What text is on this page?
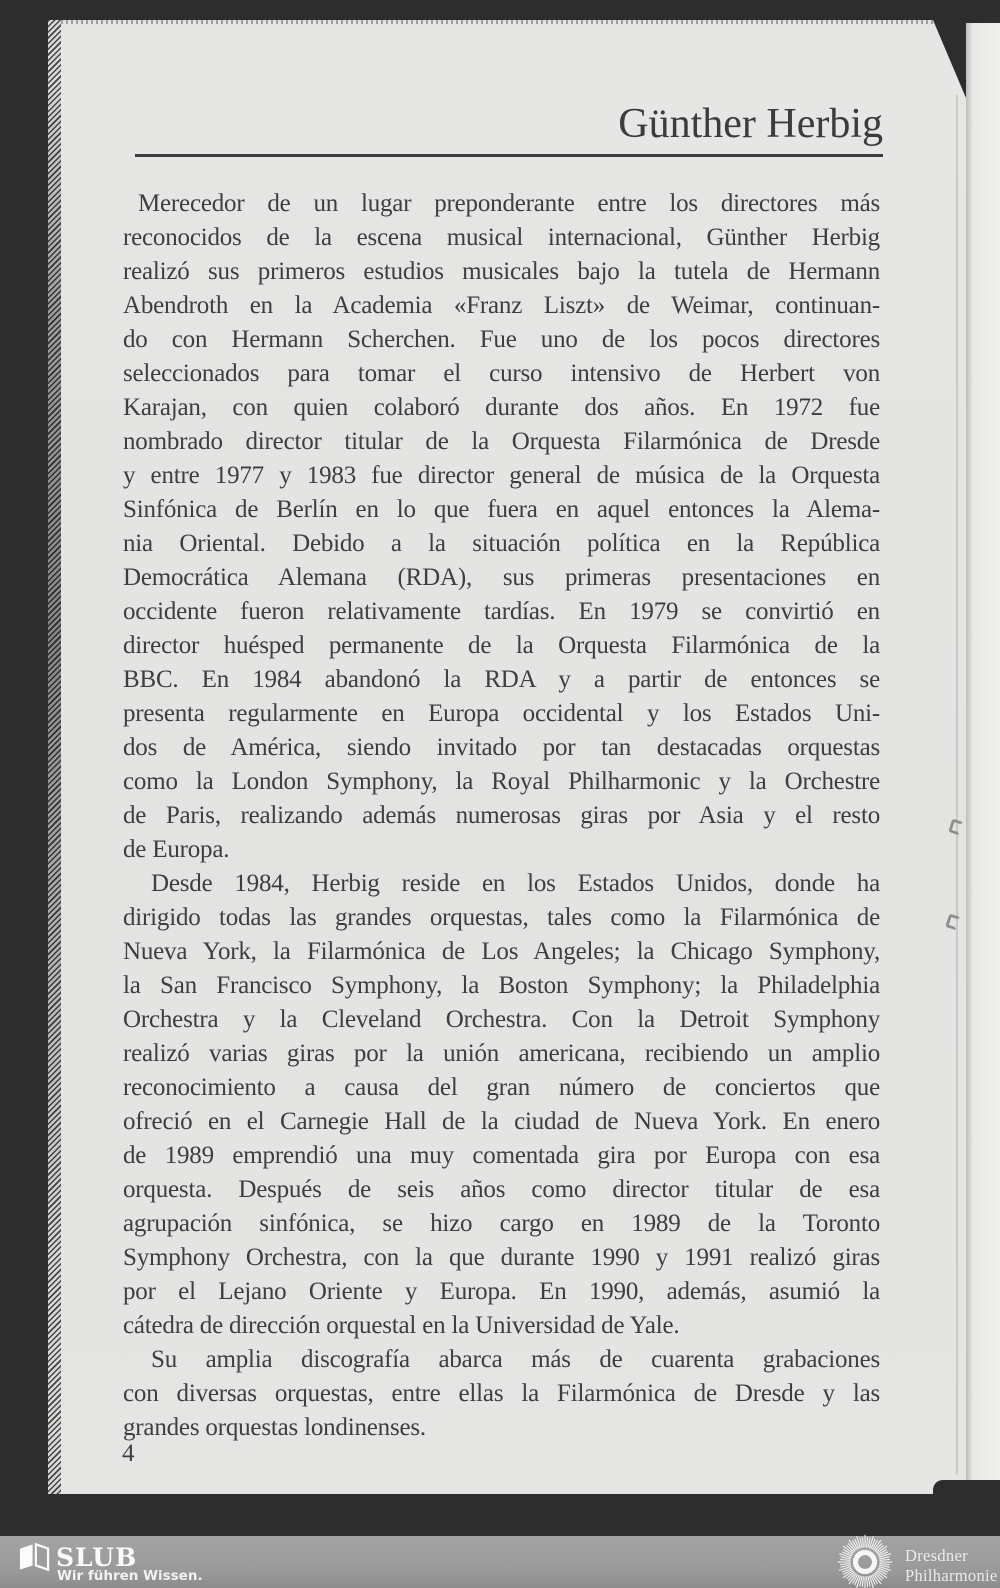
Günther Herbig
Merecedor de un lugar preponderante entre los directores más
reconocidos de la escena musical internacional, Günther Herbig
realizó sus primeros estudios musicales bajo la tutela de Hermann
Abendroth en la Academia «Franz Liszt» de Weimar, continuan-
do con Hermann Scherchen. Fue uno de los pocos directores
seleccionados para tomar el curso intensivo de Herbert von
Karajan, con quien colaboró durante dos años. En 1972 fue
nombrado director titular de la Orquesta Filarmónica de Dresde
y entre 1977 y 1983 fue director general de música de la Orquesta
Sinfónica de Berlín en lo que fuera en aquel entonces la Alema-
nia Oriental. Debido a la situación política en la República
Democrática Alemana (RDA), sus primeras presentaciones en
occidente fueron relativamente tardías. En 1979 se convirtió en
director huésped permanente de la Orquesta Filarmónica de la
BBC. En 1984 abandonó la RDA y a partir de entonces se
presenta regularmente en Europa occidental y los Estados Uni-
dos de América, siendo invitado por tan destacadas orquestas
como la London Symphony, la Royal Philharmonic y la Orchestre
de Paris, realizando además numerosas giras por Asia y el resto
de Europa.
Desde 1984, Herbig reside en los Estados Unidos, donde ha
dirigido todas las grandes orquestas, tales como la Filarmónica de
Nueva York, la Filarmónica de Los Angeles; la Chicago Symphony,
la San Francisco Symphony, la Boston Symphony; la Philadelphia
Orchestra y la Cleveland Orchestra. Con la Detroit Symphony
realizó varias giras por la unión americana, recibiendo un amplio
reconocimiento a causa del gran número de conciertos que
ofreció en el Carnegie Hall de la ciudad de Nueva York. En enero
de 1989 emprendió una muy comentada gira por Europa con esa
orquesta. Después de seis años como director titular de esa
agrupación sinfónica, se hizo cargo en 1989 de la Toronto
Symphony Orchestra, con la que durante 1990 y 1991 realizó giras
por el Lejano Oriente y Europa. En 1990, además, asumió la
cátedra de dirección orquestal en la Universidad de Yale.
Su amplia discografía abarca más de cuarenta grabaciones
con diversas orquestas, entre ellas la Filarmónica de Dresde y las
grandes orquestas londinenses.
4
SLUB
Wir führen Wissen.
Dresdner
Philharmonie
